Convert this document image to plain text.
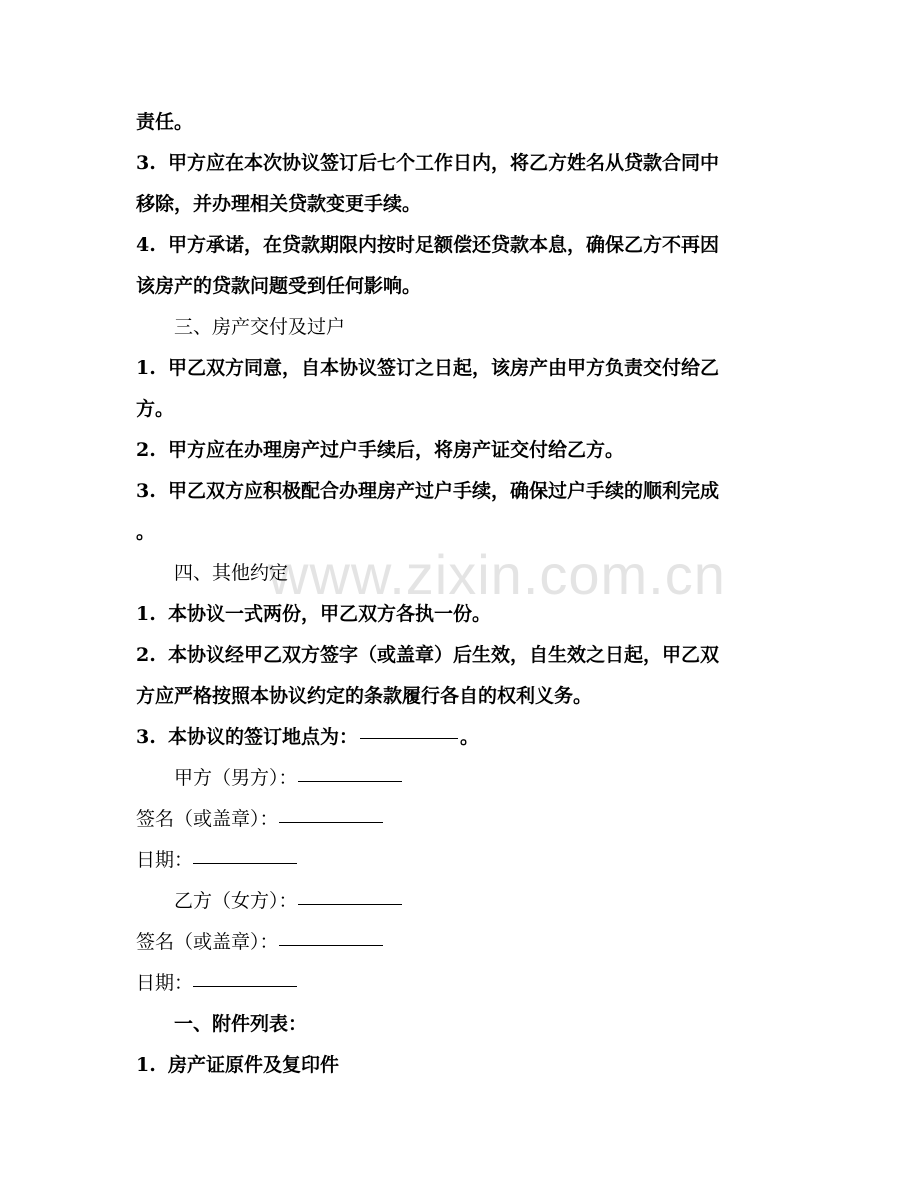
www.zixin.com.cn
责任。
3. 甲方应在本次协议签订后七个工作日内，将乙方姓名从贷款合同中
移除，并办理相关贷款变更手续。
4. 甲方承诺，在贷款期限内按时足额偿还贷款本息，确保乙方不再因
该房产的贷款问题受到任何影响。
三、房产交付及过户
1. 甲乙双方同意，自本协议签订之日起，该房产由甲方负责交付给乙
方。
2. 甲方应在办理房产过户手续后，将房产证交付给乙方。
3. 甲乙双方应积极配合办理房产过户手续，确保过户手续的顺利完成
。
四、其他约定
1. 本协议一式两份，甲乙双方各执一份。
2. 本协议经甲乙双方签字（或盖章）后生效，自生效之日起，甲乙双
方应严格按照本协议约定的条款履行各自的权利义务。
3. 本协议的签订地点为：	。
甲方（男方）：
签名（或盖章）：
日期：
乙方（女方）：
签名（或盖章）：
日期：
一、附件列表：
1. 房产证原件及复印件
